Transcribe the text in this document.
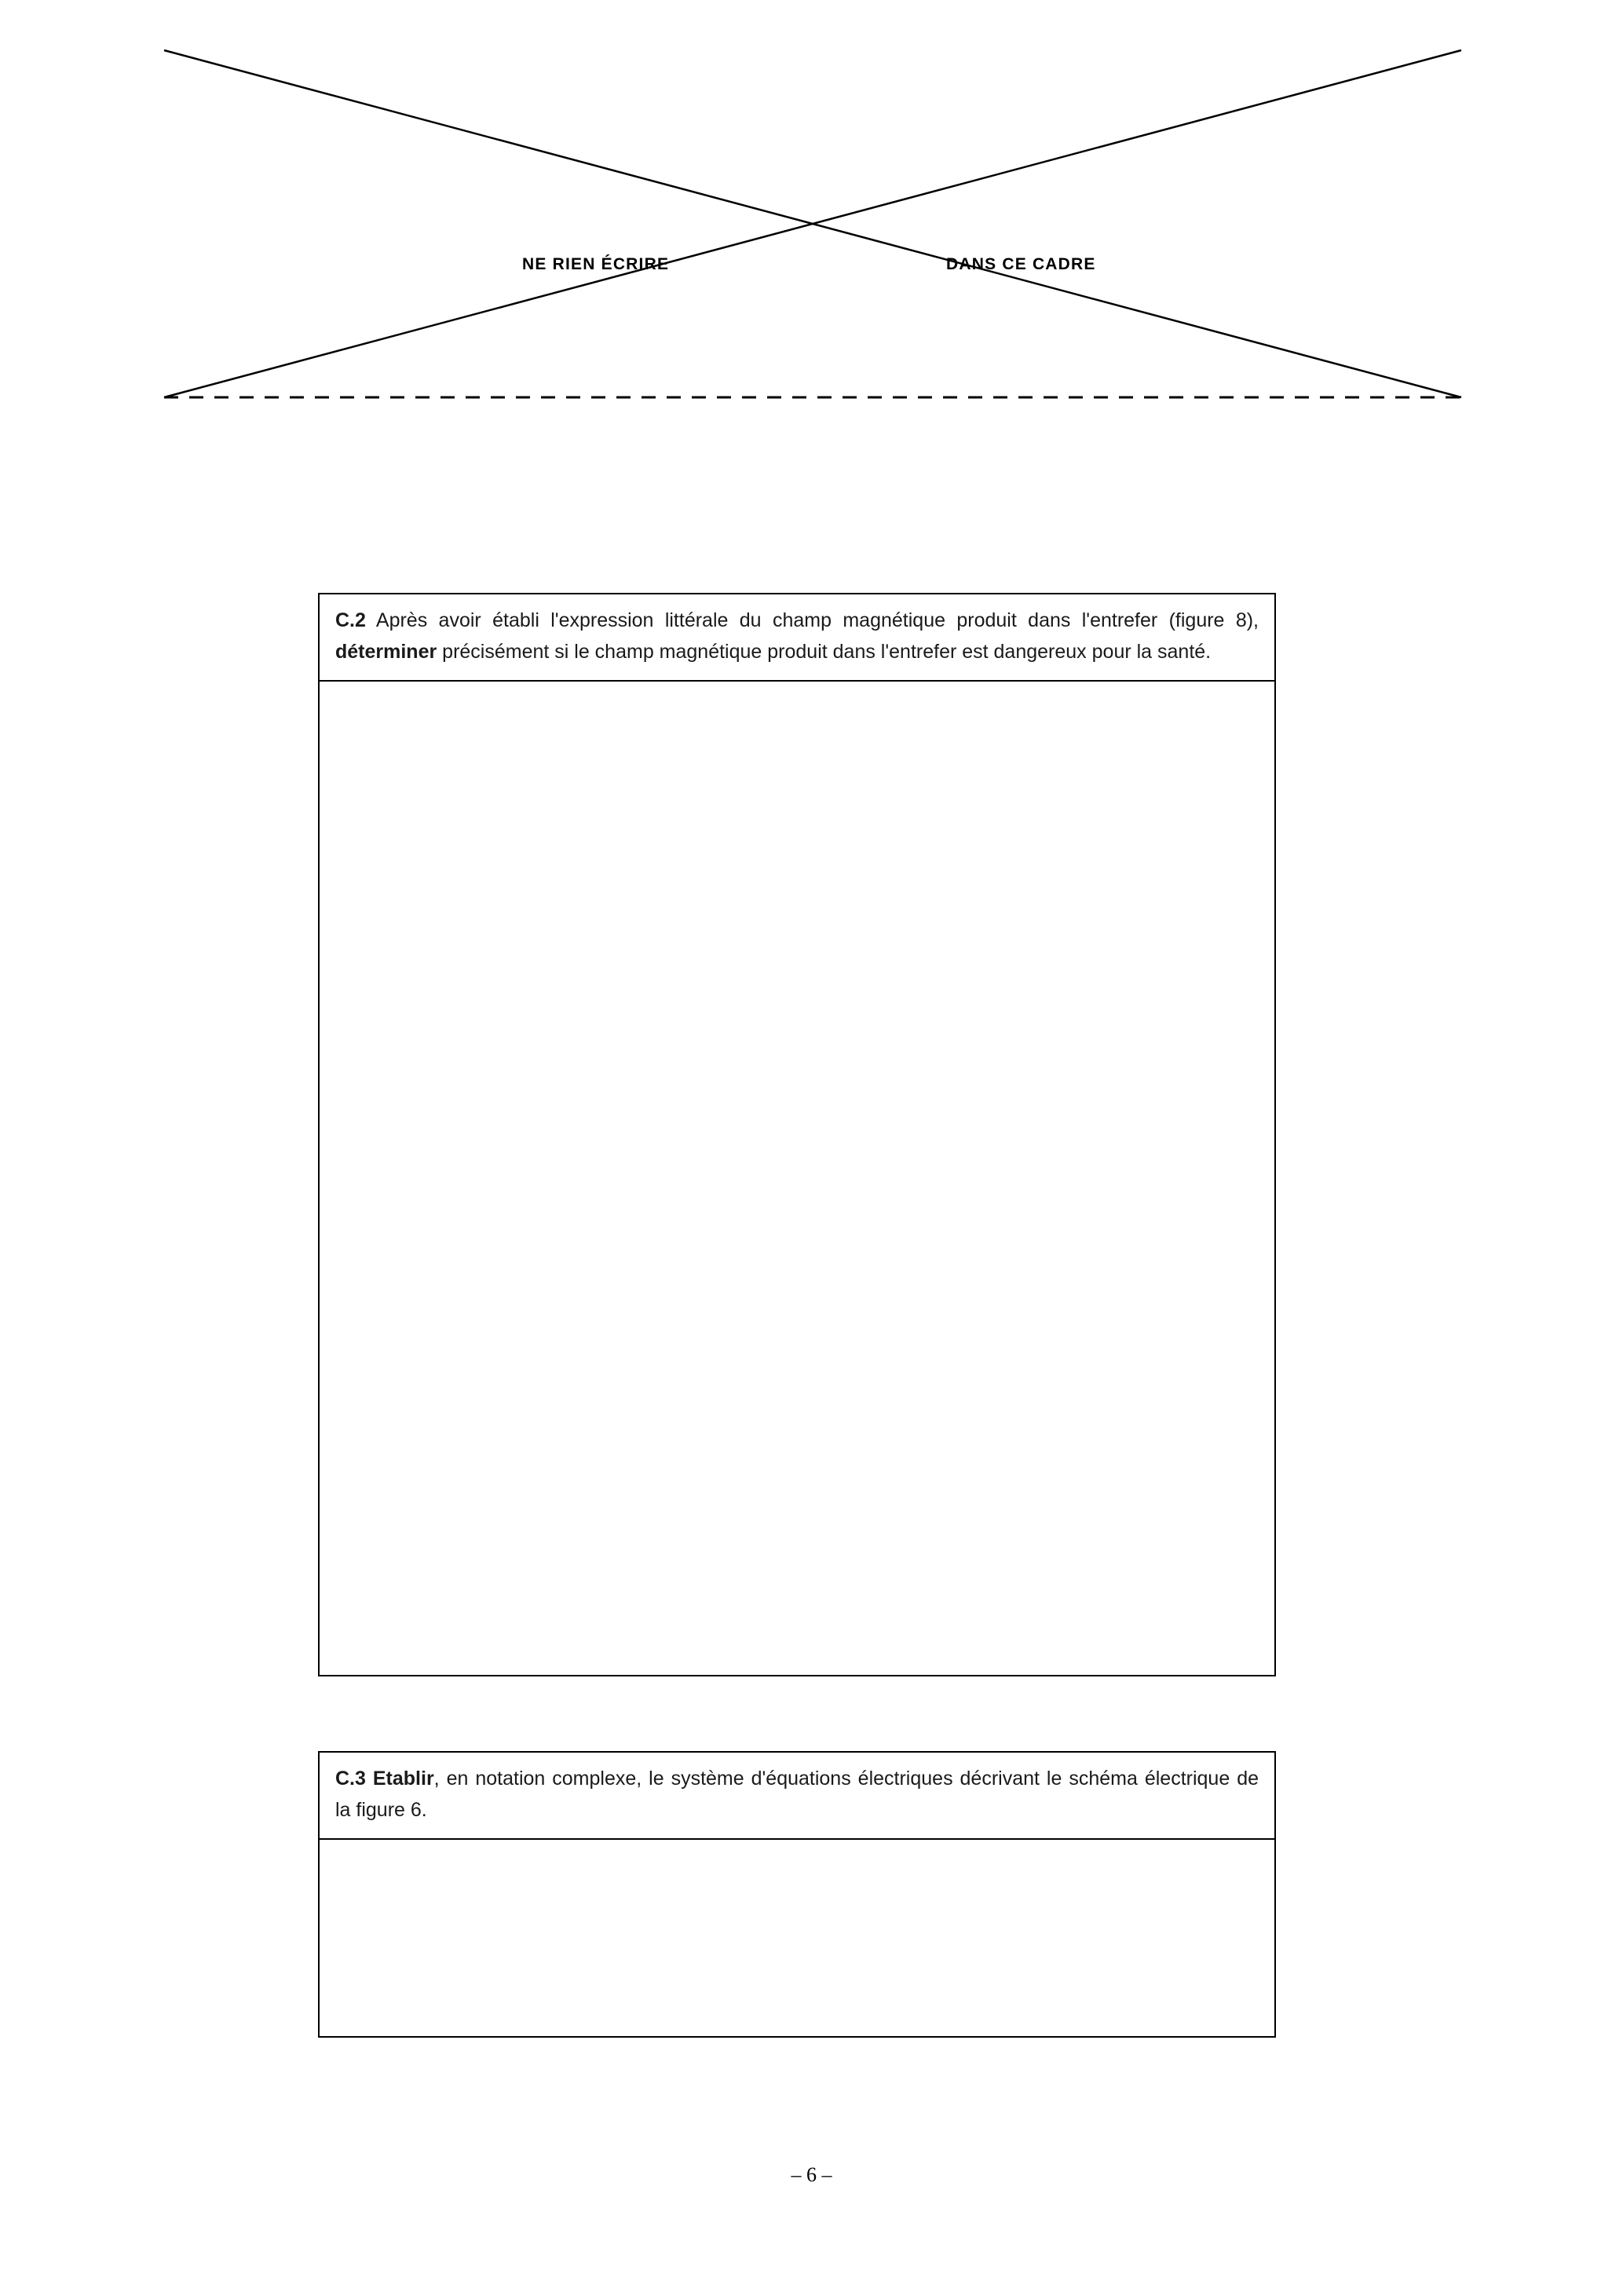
NE RIEN ÉCRIRE	DANS CE CADRE
C.2 Après avoir établi l'expression littérale du champ magnétique produit dans l'entrefer (figure 8), déterminer précisément si le champ magnétique produit dans l'entrefer est dangereux pour la santé.
C.3 Etablir, en notation complexe, le système d'équations électriques décrivant le schéma électrique de la figure 6.
– 6 –
